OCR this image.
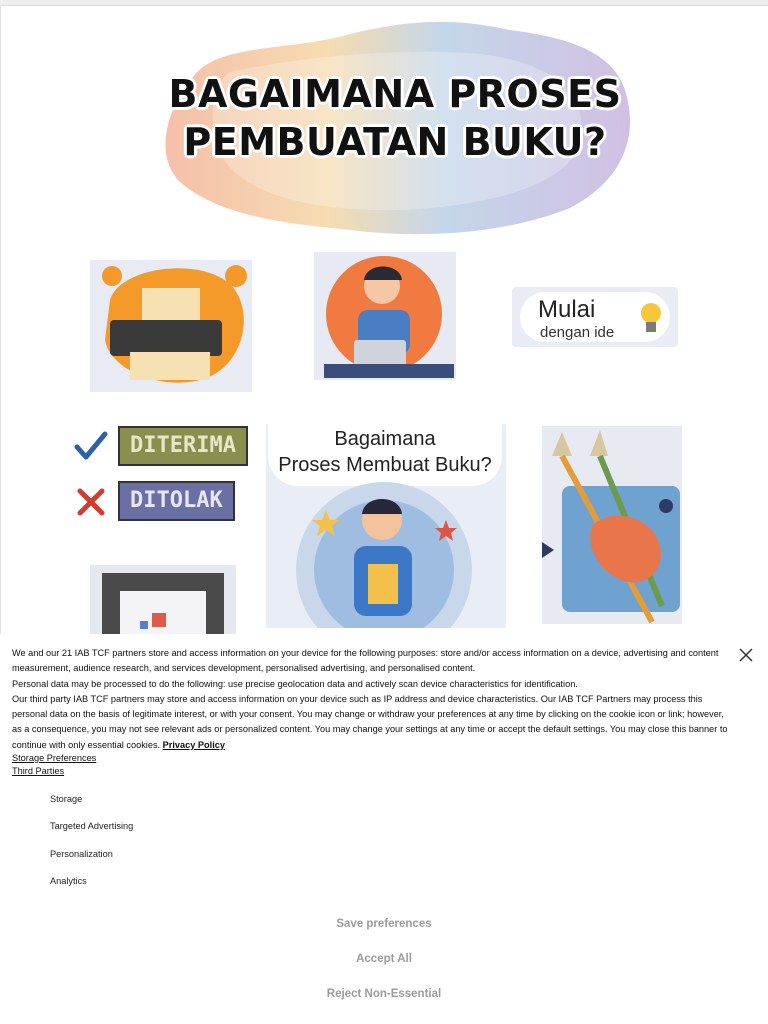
BAGAIMANA PROSES
PEMBUATAN BUKU?
Mulai
dengan ide
DITERIMA
DITOLAK
Bagaimana
Proses Membuat Buku?

We and our 21 IAB TCF partners store and access information on your device for the following purposes: store and/or access information on a device, advertising and content measurement, audience research, and services development, personalised advertising, and personalised content.

Personal data may be processed to do the following: use precise geolocation data and actively scan device characteristics for identification.

Our third party IAB TCF partners may store and access information on your device such as IP address and device characteristics. Our IAB TCF Partners may process this personal data on the basis of legitimate interest, or with your consent. You may change or withdraw your preferences at any time by clicking on the cookie icon or link; however, as a consequence, you may not see relevant ads or personalized content. You may change your settings at any time or accept the default settings. You may close this banner to continue with only essential cookies. Privacy Policy

Storage Preferences
Third Parties
Storage
Targeted Advertising
Personalization
Analytics
Save preferences
Accept All
Reject Non-Essential
